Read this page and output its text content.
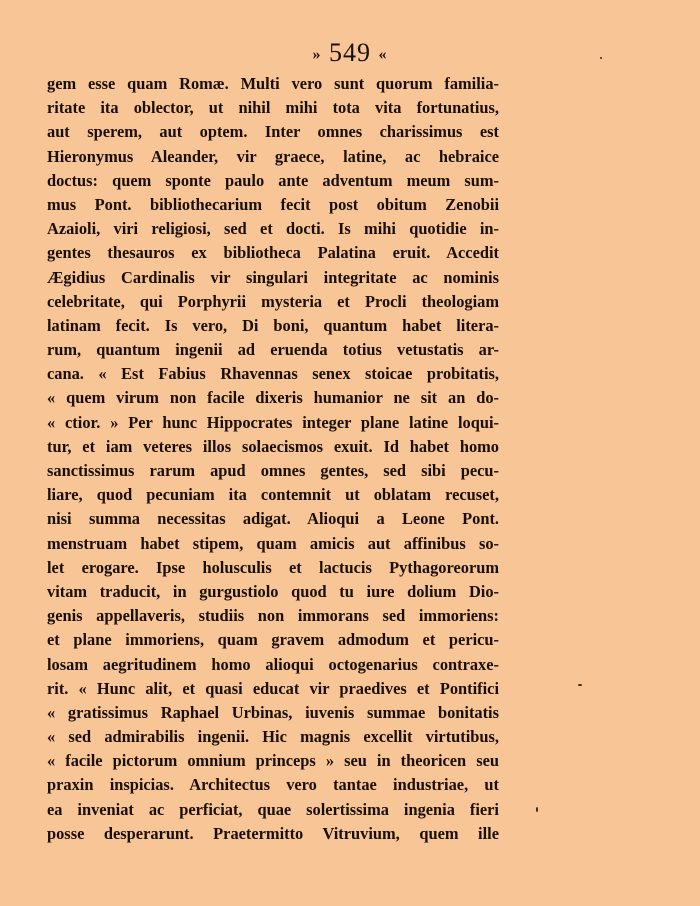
» 549 «
gem esse quam Romæ. Multi vero sunt quorum familia-
ritate ita oblector, ut nihil mihi tota vita fortunatius,
aut sperem, aut optem. Inter omnes charissimus est
Hieronymus Aleander, vir graece, latine, ac hebraice
doctus: quem sponte paulo ante adventum meum sum-
mus Pont. bibliothecarium fecit post obitum Zenobii
Azaioli, viri religiosi, sed et docti. Is mihi quotidie in-
gentes thesauros ex bibliotheca Palatina eruit. Accedit
Ægidius Cardinalis vir singulari integritate ac nominis
celebritate, qui Porphyrii mysteria et Procli theologiam
latinam fecit. Is vero, Di boni, quantum habet litera-
rum, quantum ingenii ad eruenda totius vetustatis ar-
cana. « Est Fabius Rhavennas senex stoicae probitatis,
« quem virum non facile dixeris humanior ne sit an do-
« ctior. » Per hunc Hippocrates integer plane latine loqui-
tur, et iam veteres illos solaecismos exuit. Id habet homo
sanctissimus rarum apud omnes gentes, sed sibi pecu-
liare, quod pecuniam ita contemnit ut oblatam recuset,
nisi summa necessitas adigat. Alioqui a Leone Pont.
menstruam habet stipem, quam amicis aut affinibus so-
let erogare. Ipse holusculis et lactucis Pythagoreorum
vitam traducit, in gurgustiolo quod tu iure dolium Dio-
genis appellaveris, studiis non immorans sed immoriens:
et plane immoriens, quam gravem admodum et pericu-
losam aegritudinem homo alioqui octogenarius contraxe-
rit. « Hunc alit, et quasi educat vir praedives et Pontifici
« gratissimus Raphael Urbinas, iuvenis summae bonitatis
« sed admirabilis ingenii. Hic magnis excellit virtutibus,
« facile pictorum omnium princeps » seu in theoricen seu
praxin inspicias. Architectus vero tantae industriae, ut
ea inveniat ac perficiat, quae solertissima ingenia fieri
posse desperarunt. Praetermitto Vitruvium, quem ille
